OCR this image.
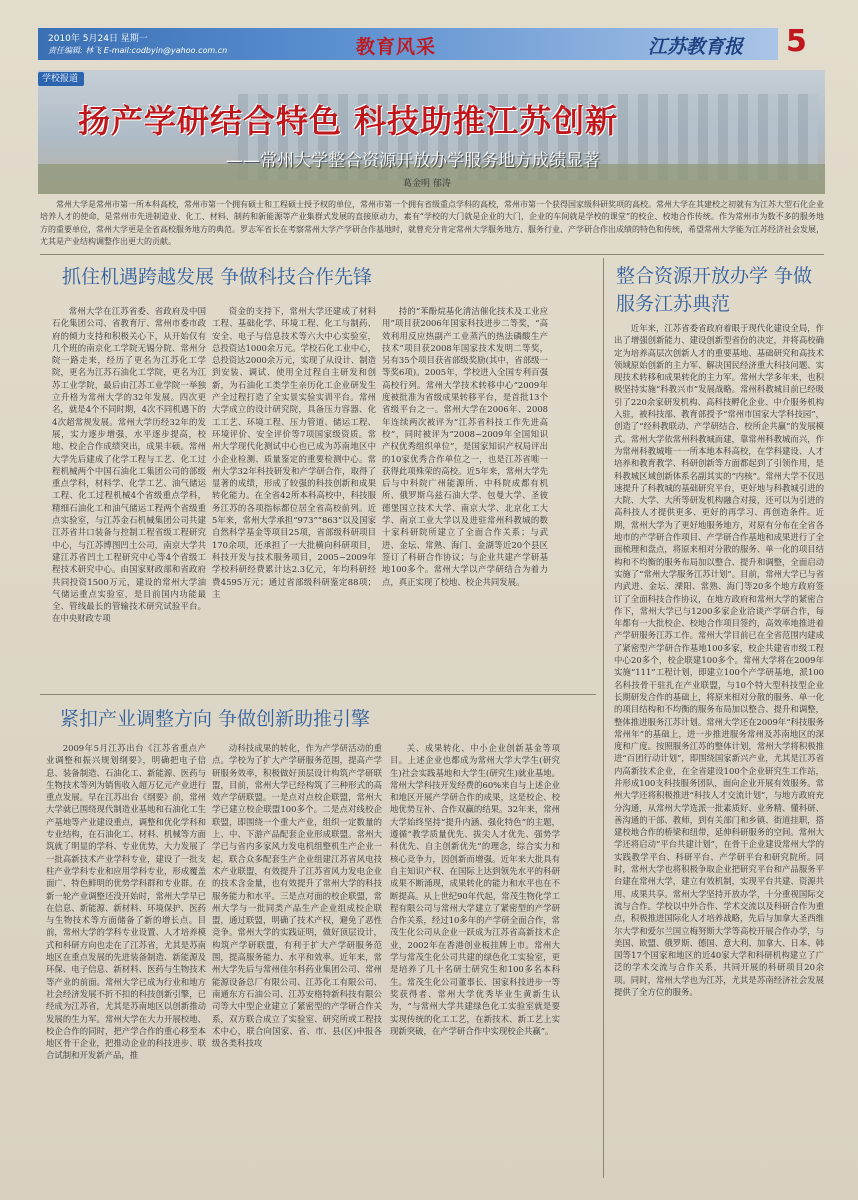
2010年 5月24日 星期一
责任编辑: 林飞 E-mail:codbyin@yahoo.com.cn	教育风采	江苏教育报 5
学校报道
扬产学研结合特色 科技助推江苏创新
——常州大学整合资源开放办学服务地方成绩显著
葛金明 郁涛
常州大学是常州市第一所本科高校，常州市第一个拥有硕士和工程硕士授予权的单位，常州市第一个拥有省级重点学科的高校，常州市第一个获得国家级科研奖项的高校。常州大学在其建校之初就有为江苏大型石化企业培养人才的使命，是常州市先进制造业、化工、材料、制药和新能源等产业集群式发展的直接原动力，素有“学校的大门就是企业的大门，企业的车间就是学校的课堂”的校企、校地合作传统。作为常州市为数不多的服务地方的重要单位，常州大学更是全省高校服务地方的典范。罗志军省长在考察常州大学产学研合作基地时，就曾充分肯定常州大学服务地方、服务行业、产学研合作出成绩的特色和传统，希望常州大学能为江苏经济社会发展，尤其是产业结构调整作出更大的贡献。
抓住机遇跨越发展 争做科技合作先锋

常州大学在江苏省委、省政府及中国石化集团公司、省教育厅、常州市委市政府的倾力支持和积极关心下，从开始仅有几个班的南京化工学院无锡分院、常州分院一路走来，经历了更名为江苏化工学院，更名为江苏石油化工学院，更名为江苏工业学院，最后由江苏工业学院一举独立升格为常州大学的32年发展。四次更名，就是4个不同时期，4次不同机遇下的4次超常规发展。常州大学历经32年的发展，实力逐步增强，水平逐步提高，校地、校企合作成绩突出，成果丰硕。常州大学先后建成了化学工程与工艺、化工过程机械两个中国石油化工集团公司的部级重点学科，材料学、化学工艺、油气储运工程、化工过程机械4个省级重点学科，精细石油化工和油气储运工程两个省级重点实验室，与江苏金石机械集团公司共建江苏省井口装备与控制工程省级工程研究中心，与江苏博图凹土公司，南京大学共建江苏省凹土工程研究中心等4个省级工程技术研究中心。由国家财政部和省政府共同投资1500万元，建设的常州大学油气储运重点实验室，是目前国内功能最全、管线最长的管输技术研究试验平台。在中央财政专项

资金的支持下，常州大学还建成了材料工程、基础化学、环境工程、化工与制药、安全、电子与信息技术等六大中心实验室，总投资达1000余万元。学校石化工业中心，总投资达2000余万元，实现了从设计、制造到安装、调试、使用全过程自主研发和创新，为石油化工类学生亲历化工企业研发生产全过程打造了全实景实验实训平台。常州大学成立的设计研究院，具备压力容器、化工工艺、环境工程、压力管道、储运工程、环境评价、安全评价等7项国家级资质。常州大学现代化测试中心也已成为苏南地区中小企业检测、质量鉴定的重要检测中心。常州大学32年科技研发和产学研合作，取得了显著的成绩，形成了较强的科技创新和成果转化能力。在全省42所本科高校中，科技服务江苏的各项指标都位居全省高校前列。近5年来，常州大学承担“973”“863”以及国家自然科学基金等项目25项，省部级科研项目170余项，还承担了一大批横向科研项目，科技开发与技术服务项目，2005~2009年学校科研经费累计达2.3亿元，年均科研经费4595万元；通过省部级科研鉴定88项；主

持的“苯酚烷基化清洁催化技术及工业应用”项目获2006年国家科技进步二等奖，“高效利用反应热副产工业蒸汽的热法磷酸生产技术”项目获2008年国家技术发明二等奖，另有35个项目获省部级奖励(其中，省部级一等奖6项)。2005年，学校进入全国专利百强高校行列。常州大学技术转移中心“2009年度被批准为省级成果转移平台，是首批13个省级平台之一。常州大学在2006年、2008年连续两次被评为“江苏省科技工作先进高校”，同时被评为“2008~2009年全国知识产权优秀组织单位”，是国家知识产权局评出的10家优秀合作单位之一，也是江苏省唯一获得此项殊荣的高校。近5年来，常州大学先后与中科院广州能源所、中科院成都有机所、俄罗斯乌兹石油大学、包曼大学、圣彼德堡国立技术大学、南京大学、北京化工大学、南京工业大学以及进驻常州科教城的数十家科研院所建立了全面合作关系；与武进、金坛、常熟、海门、金湖等近20个县区签订了科研合作协议；与企业共建产学研基地100多个。常州大学以产学研结合为着力点，真正实现了校地、校企共同发展。

整合资源开放办学 争做服务江苏典范

近年来，江苏省委省政府着眼于现代化建设全局，作出了增强创新能力、建设创新型省份的决定，并将高校确定为培养高层次创新人才的重要基地、基础研究和高技术领域原始创新的主力军、解决国民经济重大科技问题、实现技术转移和成果转化的主力军。常州大学多年来，也积极坚持实施“科教兴市”发展战略。常州科教城目前已经吸引了220余家研发机构、高科技孵化企业、中介服务机构入驻，被科技部、教育部授予“常州市国家大学科技园”，创造了“经科教联动、产学研结合、校所企共赢”的发展模式。常州大学依常州科教城而建，靠常州科教城而兴，作为常州科教城唯一一所本地本科高校，在学科建设、人才培养和教育教学、科研创新等方面都起到了引领作用，是科教城区域创新体系名副其实的“内核”。常州大学不仅迅速提升了科教城的基础研究平台，更好地与科教城引进的大院、大学、大所等研发机构融合对接，还可以为引进的高科技人才提供更多、更好的再学习、再创造条件。近期，常州大学为了更好地服务地方，对原有分布在全省各地市的产学研合作项目、产学研合作基地和成果进行了全面梳理和盘点，将原来相对分散的服务、单一化的项目结构和不均衡的服务布局加以整合、提升和调整，全面启动实施了“常州大学服务江苏计划”。目前，常州大学已与省内武进、金坛、溧阳、常熟、海门等20多个地方政府签订了全面科技合作协议，在地方政府和常州大学的紧密合作下，常州大学已与1200多家企业洽谈产学研合作，每年都有一大批校企、校地合作项目签约，高效率地推进着产学研服务江苏工作。常州大学目前已在全省范围内建成了紧密型产学研合作基地100多家，校企共建省市级工程中心20多个，校企联建100多个。常州大学将在2009年实施“111”工程计划，即建立100个产学研基地，派100名科技骨干驻扎在产业联盟，与10个特大型科技型企业长期研发合作的基础上，将原来相对分散的服务、单一化的项目结构和不均衡的服务布局加以整合、提升和调整，整体推进服务江苏计划。常州大学还在2009年“科技服务常州年”的基础上，进一步推进服务常州及苏南地区的深度和广度。按照服务江苏的整体计划，常州大学将积极推进“百团行动计划”，即围绕国家新兴产业，尤其是江苏省内高新技术企业，在全省建设100个企业研究生工作站，并形成100支科技服务团队，面向企业开展有效服务。常州大学还将积极推进“科技人才交流计划”，与地方政府充分沟通，从常州大学选派一批素质好、业务精、懂科研、善沟通的干部、教师，到有关部门和乡镇、街道挂职，搭建校地合作的桥梁和纽带，延伸科研服务的空间。常州大学还将启动“平台共建计划”，在骨干企业建设常州大学的实践教学平台、科研平台、产学研平台和研究院所。同时，常州大学也将积极争取企业把研究平台和产品服务平台建在常州大学，建立有效机制，实现平台共建、资源共用、成果共享。常州大学坚持开放办学，十分重视国际交流与合作。学校以中外合作、学术交流以及科研合作为重点，积极推进国际化人才培养战略，先后与加拿大圣西维尔大学和爱尔兰国立梅努斯大学等高校开展合作办学，与美国、欧盟、俄罗斯、德国、意大利、加拿大、日本、韩国等17个国家和地区的近40家大学和科研机构建立了广泛的学术交流与合作关系，共同开展的科研项目20余项。同时，常州大学也为江苏，尤其是苏南经济社会发展提供了全方位的服务。

紧扣产业调整方向 争做创新助推引擎

2009年5月江苏出台《江苏省重点产业调整和振兴规划纲要》，明确把电子信息、装备制造、石油化工、新能源、医药与生物技术等列为销售收入超万亿元产业进行重点发展。早在江苏出台《纲要》前，常州大学就已围绕现代制造业基地和石油化工生产基地等产业建设重点，调整和优化学科和专业结构，在石油化工、材料、机械等方面筑就了明显的学科、专业优势，大力发展了一批高新技术产业学科专业，建设了一批支柱产业学科专业和应用学科专业，形成覆盖面广、特色鲜明的优势学科群和专业群。在新一轮产业调整还没开始时，常州大学早已在信息、新能源、新材料、环境保护、医药与生物技术等方面储备了新的增长点。目前，常州大学的学科专业设置、人才培养模式和科研方向也走在了江苏省，尤其是苏南地区在重点发展的先进装备制造、新能源及环保、电子信息、新材料、医药与生物技术等产业的前面。常州大学已成为行业和地方社会经济发展不折不扣的科技创新引擎，已经成为江苏省，尤其是苏南地区以创新推动发展的生力军。常州大学在大力开展校地、校企合作的同时，把产学合作的重心移至本地区骨干企业，把推动企业的科技进步、联合试制和开发新产品，推

动科技成果的转化，作为产学研活动的重点。学校为了扩大产学研服务范围，提高产学研服务效率，积极做好顶层设计构筑产学研联盟，目前，常州大学已经构筑了三种形式的高效产学研联盟。一是点对点校企联盟，常州大学已建立校企联盟100多个。二是点对线校企联盟，即围绕一个重大产业，组织一定数量的上、中、下游产品配套企业形成联盟。常州大学已与省内多家风力发电机组整机生产企业一起，联合众多配套生产企业组建江苏省风电技术产业联盟，有效提升了江苏省风力发电企业的技术含金量，也有效提升了常州大学的科技服务能力和水平。三是点对面的校企联盟，常州大学与一批同类产品生产企业组成校企联盟，通过联盟，明确了技术产权，避免了恶性竞争。常州大学的实践证明，做好顶层设计，构筑产学研联盟，有利于扩大产学研服务范围，提高服务能力、水平和效率。近年来，常州大学先后与常州佳尔科药业集团公司、常州能源设备总厂有限公司、江苏化工有限公司、南通东方石油公司、江苏安格特新科技有限公司等大中型企业建立了紧密型的产学研合作关系，双方联合成立了实验室、研究所或工程技术中心，联合向国家、省、市、县(区)申报各级各类科技攻

关、成果转化、中小企业创新基金等项目。上述企业也都成为常州大学大学生(研究生)社会实践基地和大学生(研究生)就业基地。常州大学科技开发经费的60%来自与上述企业和地区开展产学研合作的成果，这是校企、校地优势互补、合作双赢的结果。32年来，常州大学始终坚持“提升内涵、强化特色”的主题，遵循“教学质量优先、拔尖人才优先、强势学科优先、自主创新优先”的理念，综合实力和核心竞争力，因创新而增强。近年来大批具有自主知识产权、在国际上达到领先水平的科研成果不断涌现，成果转化的能力和水平也在不断提高。从上世纪90年代起，常茂生物化学工程有限公司与常州大学建立了紧密型的产学研合作关系，经过10多年的产学研全面合作，常茂生化公司从企业一跃成为江苏省高新技术企业，2002年在香港创业板挂牌上市。常州大学与常茂生化公司共建的绿色化工实验室，更是培养了几十名研士研究生和100多名本科生。常茂生化公司董事长、国家科技进步一等奖获得者、常州大学优秀毕业生黄新生认为，“与常州大学共建绿色化工实验室就是要实现传统的化工工艺，在新技术、新工艺上实现新突破，在产学研合作中实现校企共赢”。
